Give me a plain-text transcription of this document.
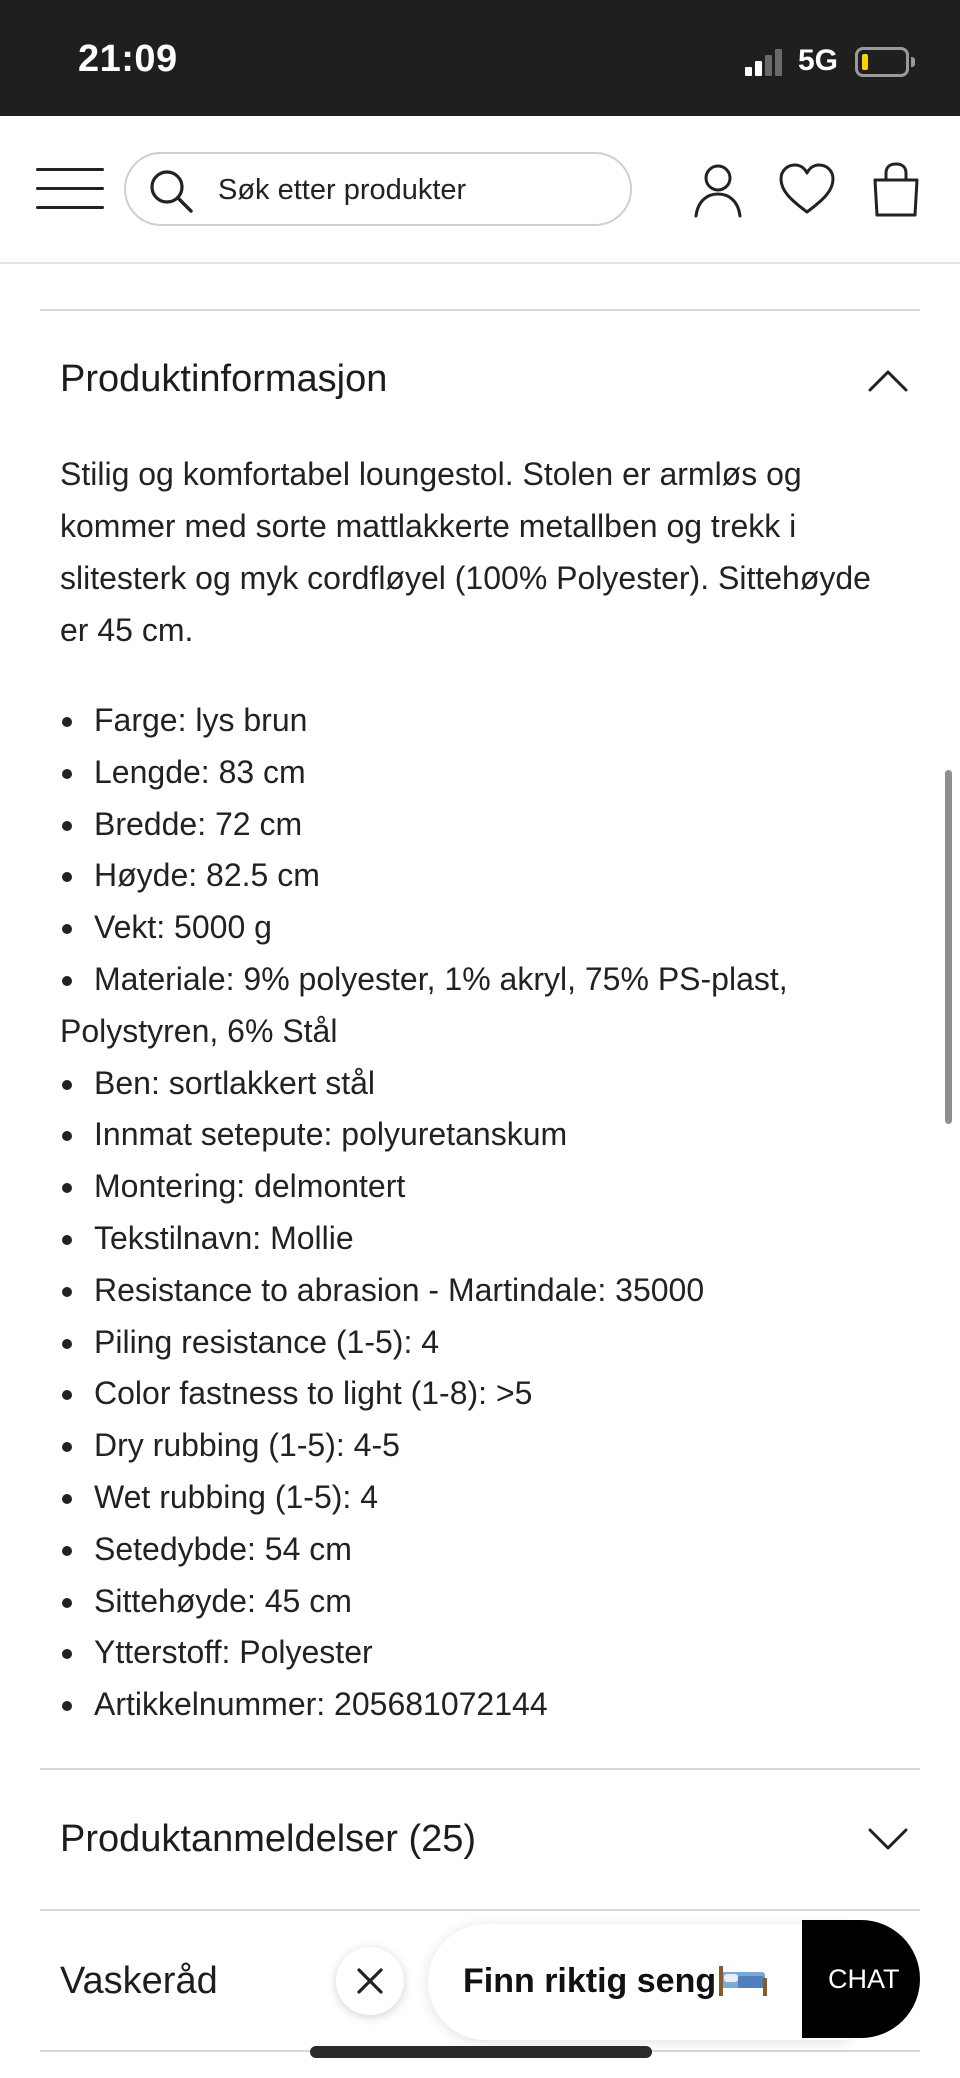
21:09	5G
Søk etter produkter
Produktinformasjon
Stilig og komfortabel loungestol. Stolen er armløs og kommer med sorte mattlakkerte metallben og trekk i slitesterk og myk cordfløyel (100% Polyester). Sittehøyde er 45 cm.
Farge: lys brun
Lengde: 83 cm
Bredde: 72 cm
Høyde: 82.5 cm
Vekt: 5000 g
Materiale: 9% polyester, 1% akryl, 75% PS-plast, Polystyren, 6% Stål
Ben: sortlakkert stål
Innmat setepute: polyuretanskum
Montering: delmontert
Tekstilnavn: Mollie
Resistance to abrasion - Martindale: 35000
Piling resistance (1-5): 4
Color fastness to light (1-8): >5
Dry rubbing (1-5): 4-5
Wet rubbing (1-5): 4
Setedybde: 54 cm
Sittehøyde: 45 cm
Ytterstoff: Polyester
Artikkelnummer: 205681072144
Produktanmeldelser (25)
Vaskeråd	Finn riktig seng	CHAT
